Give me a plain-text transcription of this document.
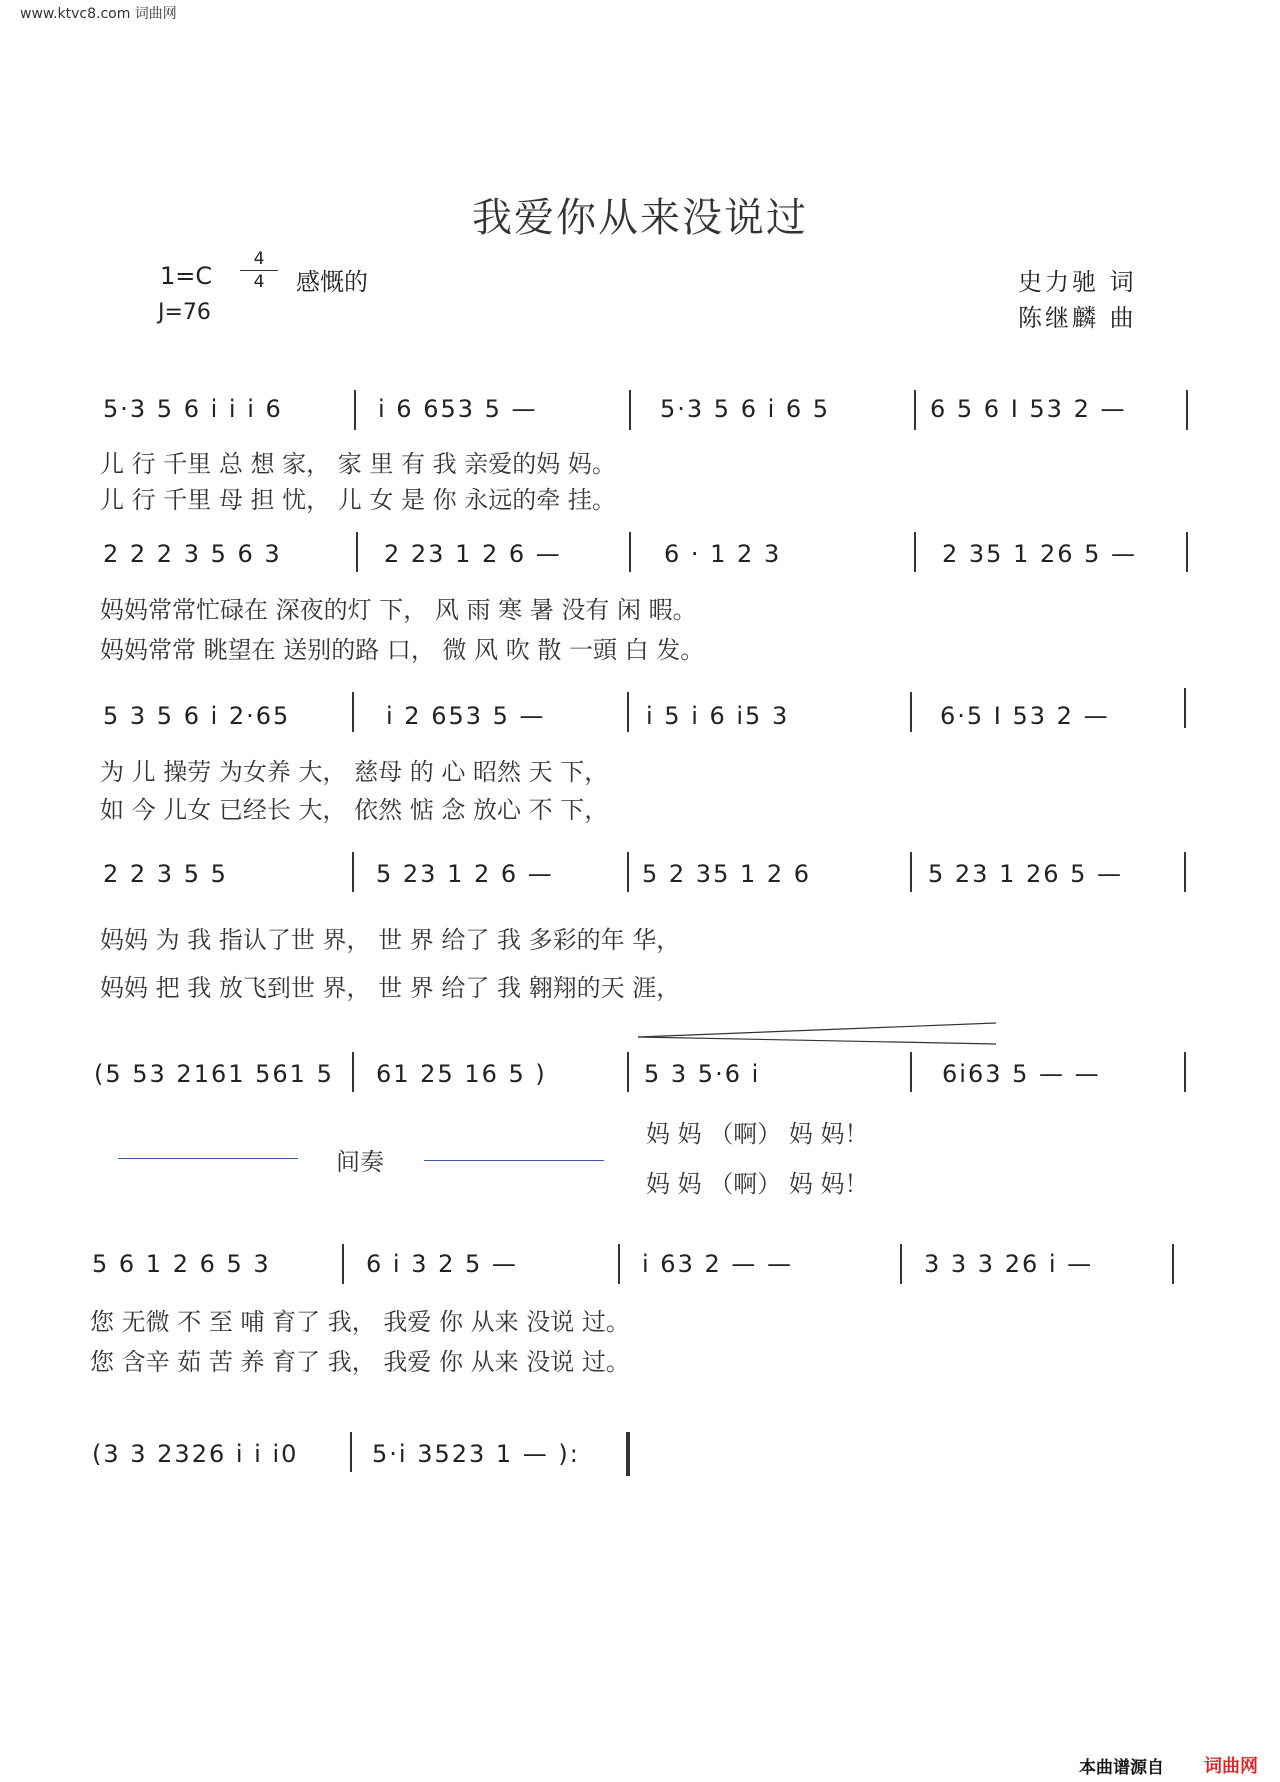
www.ktvc8.com 词曲网
我爱你从来没说过
1=C
4
4	感慨的
J=76
史力驰 词
陈继麟 曲
5·3 5 6 i i i 6	i 6 653 5 —	5·3 5 6 i 6 5	6 5 6 I 53 2 —
儿 行 千里 总 想 家， 家 里 有 我 亲爱的妈 妈。
儿 行 千里 母 担 忧， 儿 女 是 你 永远的牵 挂。
2 2 2 3 5 6 3	2 23 1 2 6 —	6 · 1 2 3	2 35 1 26 5 —
妈妈常常忙碌在 深夜的灯 下， 风 雨 寒 暑 没有 闲 暇。
妈妈常常 眺望在 送别的路 口， 微 风 吹 散 一頭 白 发。
5 3 5 6 i 2·65	i 2 653 5 —	i 5 i 6 i5 3	6·5 I 53 2 —
为 儿 操劳 为女养 大， 慈母 的 心 昭然 天 下，
如 今 儿女 已经长 大， 依然 惦 念 放心 不 下，
2 2 3 5 5	5 23 1 2 6 —	5 2 35 1 2 6	5 23 1 26 5 —
妈妈 为 我 指认了世 界， 世 界 给了 我 多彩的年 华，
妈妈 把 我 放飞到世 界， 世 界 给了 我 翱翔的天 涯，
(5 53 2161 561 5 61 25 16 5 )	5 3 5·6 i	6i63 5 — —
间奏
妈 妈 （啊） 妈 妈！
妈 妈 （啊） 妈 妈！
5 6 1 2 6 5 3	6 i 3 2 5 —	i 63 2 — —	3 3 3 26 i —
您 无微 不 至 哺 育了 我， 我爱 你 从来 没说 过。
您 含辛 茹 苦 养 育了 我， 我爱 你 从来 没说 过。
(3 3 2326 i i i0	5·i 3523 1 — ):
本曲谱源自 词曲网
